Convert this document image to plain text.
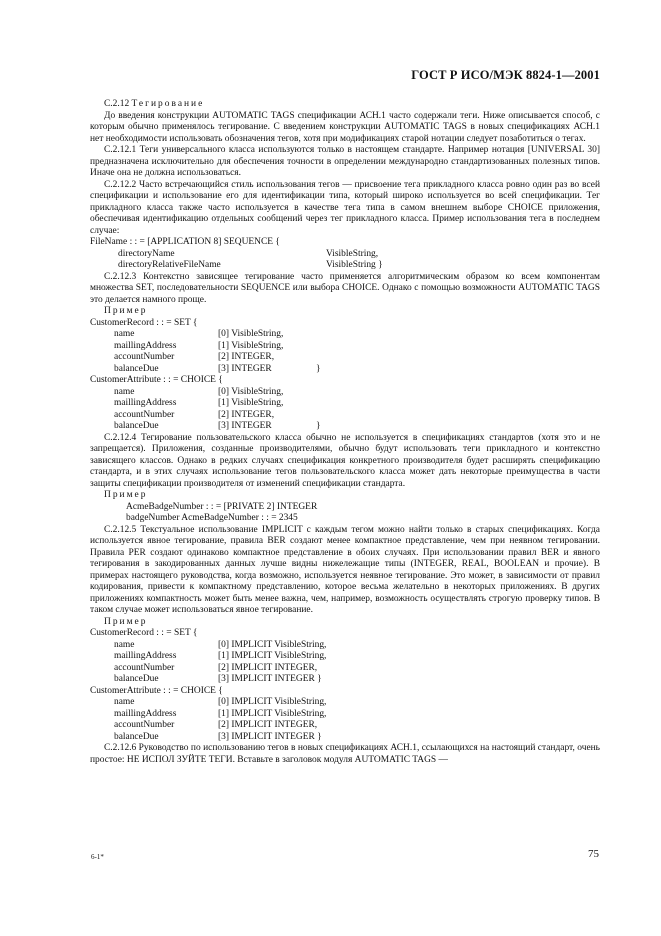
ГОСТ Р ИСО/МЭК 8824-1—2001
C.2.12 Тегирование

До введения конструкции AUTOMATIC TAGS спецификации АСН.1 часто содержали теги. Ниже описывается способ, с которым обычно применялось тегирование. С введением конструкции AUTOMATIC TAGS в новых спецификациях АСН.1 нет необходимости использовать обозначения тегов, хотя при модификациях старой нотации следует позаботиться о тегах.

C.2.12.1 Теги универсального класса используются только в настоящем стандарте. Например нотация [UNIVERSAL 30] предназначена исключительно для обеспечения точности в определении международно стандартизованных полезных типов. Иначе она не должна использоваться.

C.2.12.2 Часто встречающийся стиль использования тегов — присвоение тега прикладного класса ровно один раз во всей спецификации и использование его для идентификации типа, который широко используется во всей спецификации. Тег прикладного класса также часто используется в качестве тега типа в самом внешнем выборе CHOICE приложения, обеспечивая идентификацию отдельных сообщений через тег прикладного класса. Пример использования тега в последнем случае:

FileName : : = [APPLICATION 8] SEQUENCE {
directoryName	VisibleString,
directoryRelativeFileName	VisibleString }

C.2.12.3 Контекстно зависящее тегирование часто применяется алгоритмическим образом ко всем компонентам множества SET, последовательности SEQUENCE или выбора CHOICE. Однако с помощью возможности AUTOMATIC TAGS это делается намного проще.

Пример
CustomerRecord : : = SET {
name	[0] VisibleString,
maillingAddress	[1] VisibleString,
accountNumber	[2] INTEGER,
balanceDue	[3] INTEGER	}
CustomerAttribute : : = CHOICE {
name	[0] VisibleString,
maillingAddress	[1] VisibleString,
accountNumber	[2] INTEGER,
balanceDue	[3] INTEGER	}

C.2.12.4 Тегирование пользовательского класса обычно не используется в спецификациях стандартов (хотя это и не запрещается). Приложения, созданные производителями, обычно будут использовать теги прикладного и контекстно зависящего классов. Однако в редких случаях спецификация конкретного производителя будет расширять спецификацию стандарта, и в этих случаях использование тегов пользовательского класса может дать некоторые преимущества в части защиты спецификации производителя от изменений спецификации стандарта.

Пример
AcmeBadgeNumber : : = [PRIVATE 2] INTEGER
badgeNumber AcmeBadgeNumber : : = 2345

C.2.12.5 Текстуальное использование IMPLICIT с каждым тегом можно найти только в старых спецификациях. Когда используется явное тегирование, правила BER создают менее компактное представление, чем при неявном тегировании. Правила PER создают одинаково компактное представление в обоих случаях. При использовании правил BER и явного тегирования в закодированных данных лучше видны нижележащие типы (INTEGER, REAL, BOOLEAN и прочие). В примерах настоящего руководства, когда возможно, используется неявное тегирование. Это может, в зависимости от правил кодирования, привести к компактному представлению, которое весьма желательно в некоторых приложениях. В других приложениях компактность может быть менее важна, чем, например, возможность осуществлять строгую проверку типов. В таком случае может использоваться явное тегирование.

Пример
CustomerRecord : : = SET {
name	[0] IMPLICIT VisibleString,
maillingAddress	[1] IMPLICIT VisibleString,
accountNumber	[2] IMPLICIT INTEGER,
balanceDue	[3] IMPLICIT INTEGER }
CustomerAttribute : : = CHOICE {
name	[0] IMPLICIT VisibleString,
maillingAddress	[1] IMPLICIT VisibleString,
accountNumber	[2] IMPLICIT INTEGER,
balanceDue	[3] IMPLICIT INTEGER }

C.2.12.6 Руководство по использованию тегов в новых спецификациях АСН.1, ссылающихся на настоящий стандарт, очень простое: НЕ ИСПОЛ ЗУЙТЕ ТЕГИ. Вставьте в заголовок модуля AUTOMATIC TAGS —

6-1*	75
